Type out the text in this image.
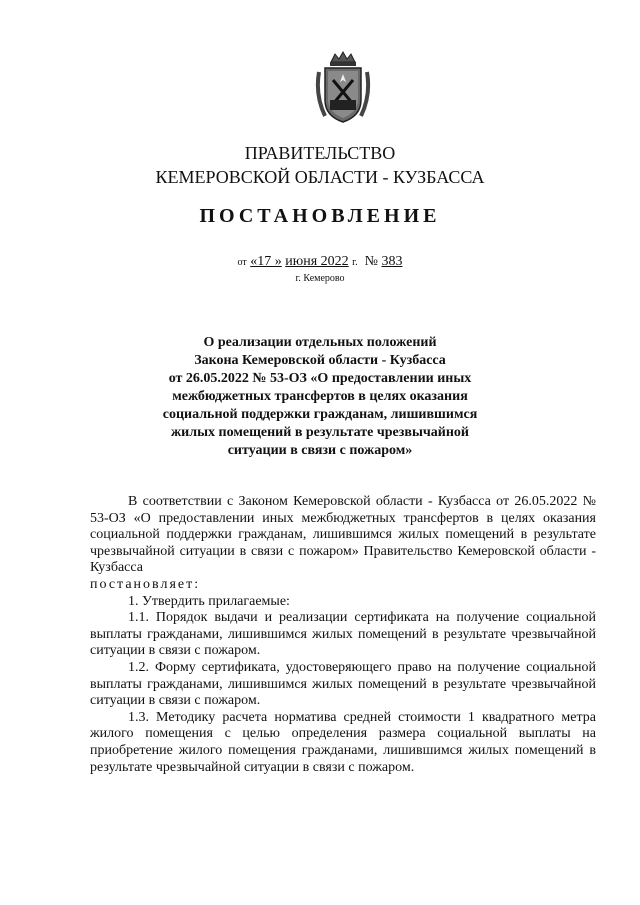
ПРАВИТЕЛЬСТВО
КЕМЕРОВСКОЙ ОБЛАСТИ - КУЗБАССА
ПОСТАНОВЛЕНИЕ
от «17 » июня 2022 г. № 383
г. Кемерово
О реализации отдельных положений
Закона Кемеровской области - Кузбасса
от 26.05.2022 № 53-ОЗ «О предоставлении иных
межбюджетных трансфертов в целях оказания
социальной поддержки гражданам, лишившимся
жилых помещений в результате чрезвычайной
ситуации в связи с пожаром»

В соответствии с Законом Кемеровской области - Кузбасса от 26.05.2022 № 53-ОЗ «О предоставлении иных межбюджетных трансфертов в целях оказания социальной поддержки гражданам, лишившимся жилых помещений в результате чрезвычайной ситуации в связи с пожаром» Правительство Кемеровской области - Кузбасса

постановляет:

1. Утвердить прилагаемые:

1.1. Порядок выдачи и реализации сертификата на получение социальной выплаты гражданами, лишившимся жилых помещений в результате чрезвычайной ситуации в связи с пожаром.

1.2. Форму сертификата, удостоверяющего право на получение социальной выплаты гражданами, лишившимся жилых помещений в результате чрезвычайной ситуации в связи с пожаром.

1.3. Методику расчета норматива средней стоимости 1 квадратного метра жилого помещения с целью определения размера социальной выплаты на приобретение жилого помещения гражданами, лишившимся жилых помещений в результате чрезвычайной ситуации в связи с пожаром.
